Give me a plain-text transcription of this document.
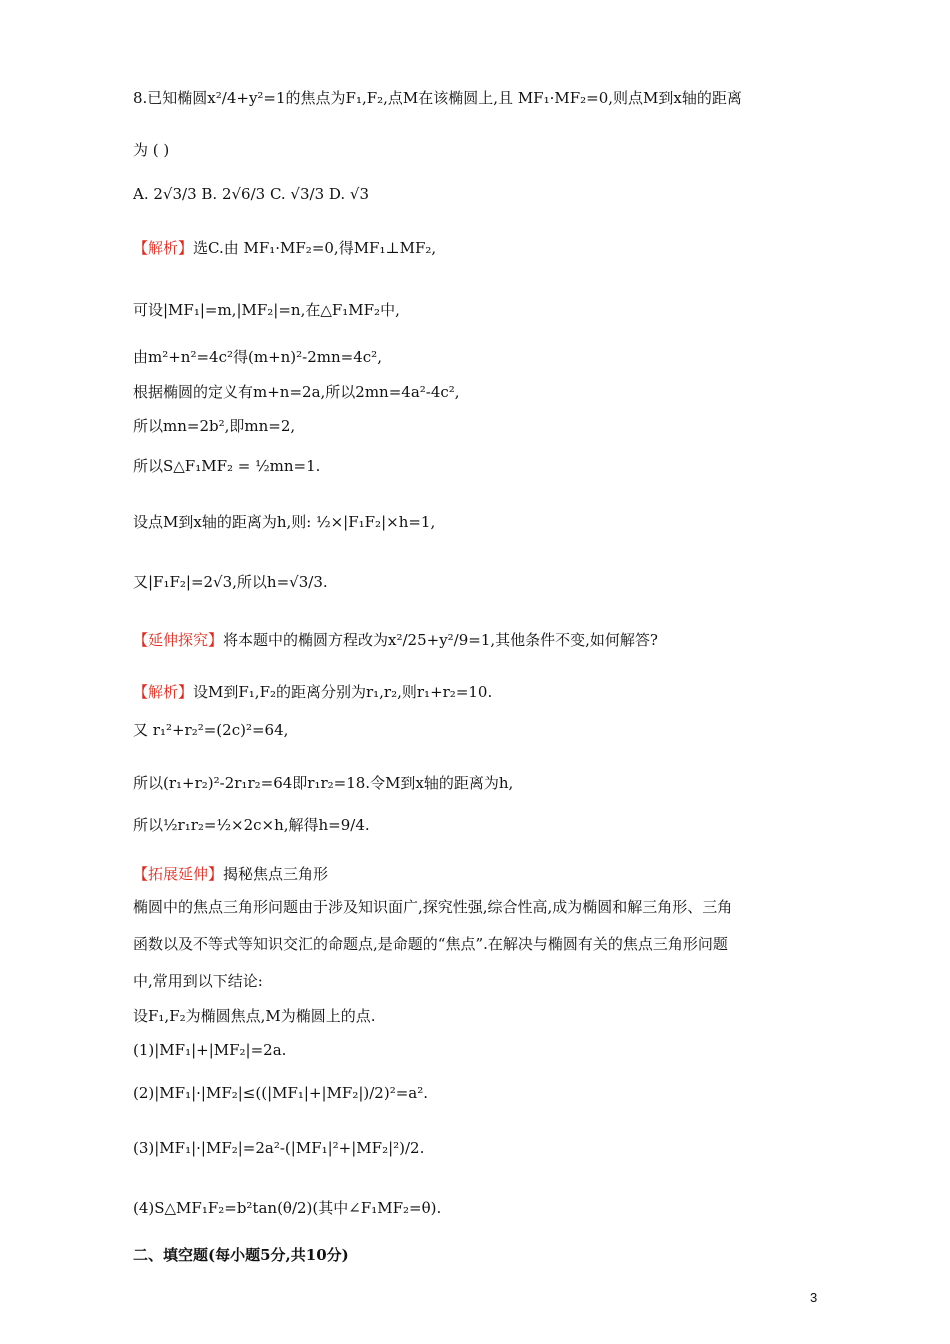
8.已知椭圆x²/4+y²=1的焦点为F₁,F₂,点M在该椭圆上,且 MF₁·MF₂=0,则点M到x轴的距离
为 ( )
A. 2√3/3 B. 2√6/3 C. √3/3 D. √3
【解析】选C.由 MF₁·MF₂=0,得MF₁⊥MF₂,
可设|MF₁|=m,|MF₂|=n,在△F₁MF₂中,
由m²+n²=4c²得(m+n)²-2mn=4c²,
根据椭圆的定义有m+n=2a,所以2mn=4a²-4c²,
所以mn=2b²,即mn=2,
所以S△F₁MF₂ = ½mn=1.
设点M到x轴的距离为h,则: ½×|F₁F₂|×h=1,
又|F₁F₂|=2√3,所以h=√3/3.
【延伸探究】将本题中的椭圆方程改为x²/25+y²/9=1,其他条件不变,如何解答?
【解析】设M到F₁,F₂的距离分别为r₁,r₂,则r₁+r₂=10.
又 r₁²+r₂²=(2c)²=64,
所以(r₁+r₂)²-2r₁r₂=64即r₁r₂=18.令M到x轴的距离为h,
所以½r₁r₂=½×2c×h,解得h=9/4.
【拓展延伸】揭秘焦点三角形
椭圆中的焦点三角形问题由于涉及知识面广,探究性强,综合性高,成为椭圆和解三角形、三角
函数以及不等式等知识交汇的命题点,是命题的“焦点”.在解决与椭圆有关的焦点三角形问题
中,常用到以下结论:
设F₁,F₂为椭圆焦点,M为椭圆上的点.
(1)|MF₁|+|MF₂|=2a.
(2)|MF₁|·|MF₂|≤((|MF₁|+|MF₂|)/2)²=a².
(3)|MF₁|·|MF₂|=2a²-(|MF₁|²+|MF₂|²)/2.
(4)S△MF₁F₂=b²tan(θ/2)(其中∠F₁MF₂=θ).
二、填空题(每小题5分,共10分)
3
